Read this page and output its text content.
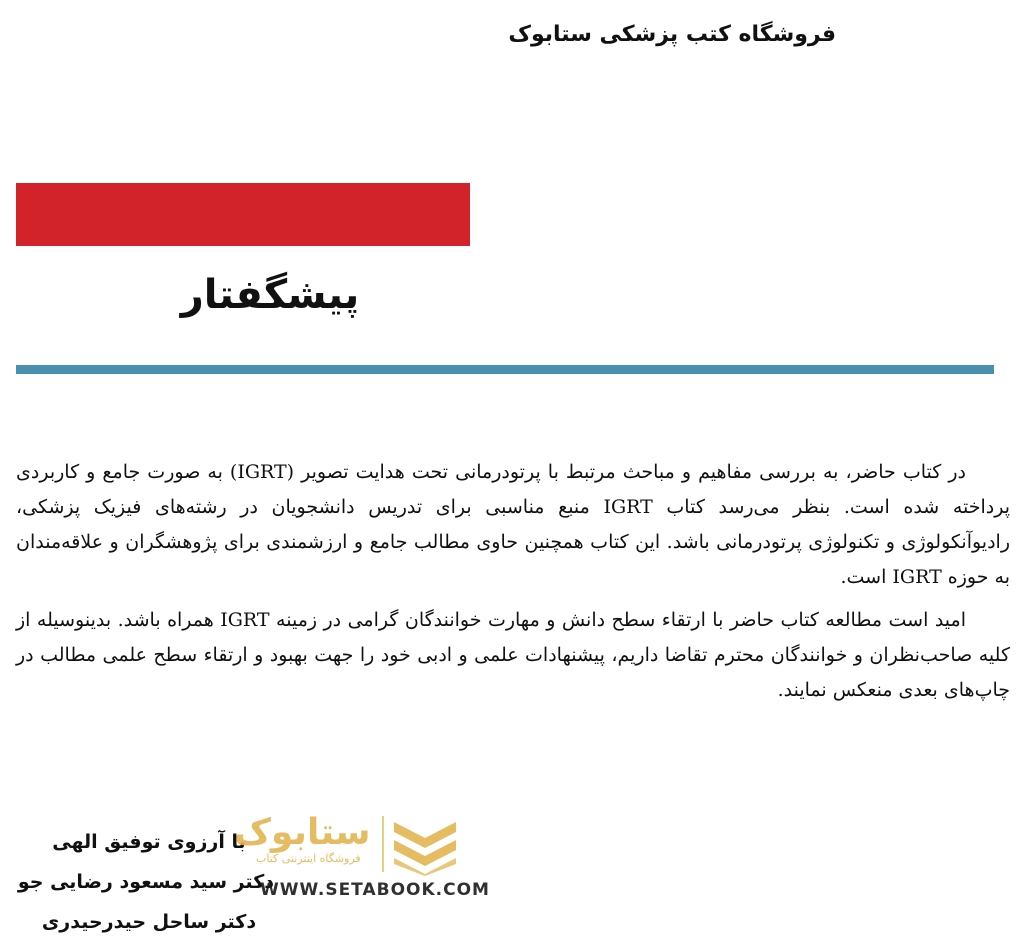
فروشگاه کتب پزشکی ستابوک
پیشگفتار

در کتاب حاضر، به بررسی مفاهیم و مباحث مرتبط با پرتودرمانی تحت هدایت تصویر (IGRT) به صورت جامع و کاربردی پرداخته شده است. بنظر می‌رسد کتاب IGRT منبع مناسبی برای تدریس دانشجویان در رشته‌های فیزیک پزشکی، رادیوآنکولوژی و تکنولوژی پرتودرمانی باشد. این کتاب همچنین حاوی مطالب جامع و ارزشمندی برای پژوهشگران و علاقه‌مندان به حوزه IGRT است.

امید است مطالعه کتاب حاضر با ارتقاء سطح دانش و مهارت خوانندگان گرامی در زمینه IGRT همراه باشد. بدینوسیله از کلیه صاحب‌نظران و خوانندگان محترم تقاضا داریم، پیشنهادات علمی و ادبی خود را جهت بهبود و ارتقاء سطح علمی مطالب در چاپ‌های بعدی منعکس نمایند.

با آرزوی توفیق الهی
دکتر سید مسعود رضایی جو
دکتر ساحل حیدرحیدری
ستابوک
فروشگاه اینترنتی کتاب
WWW.SETABOOK.COM
